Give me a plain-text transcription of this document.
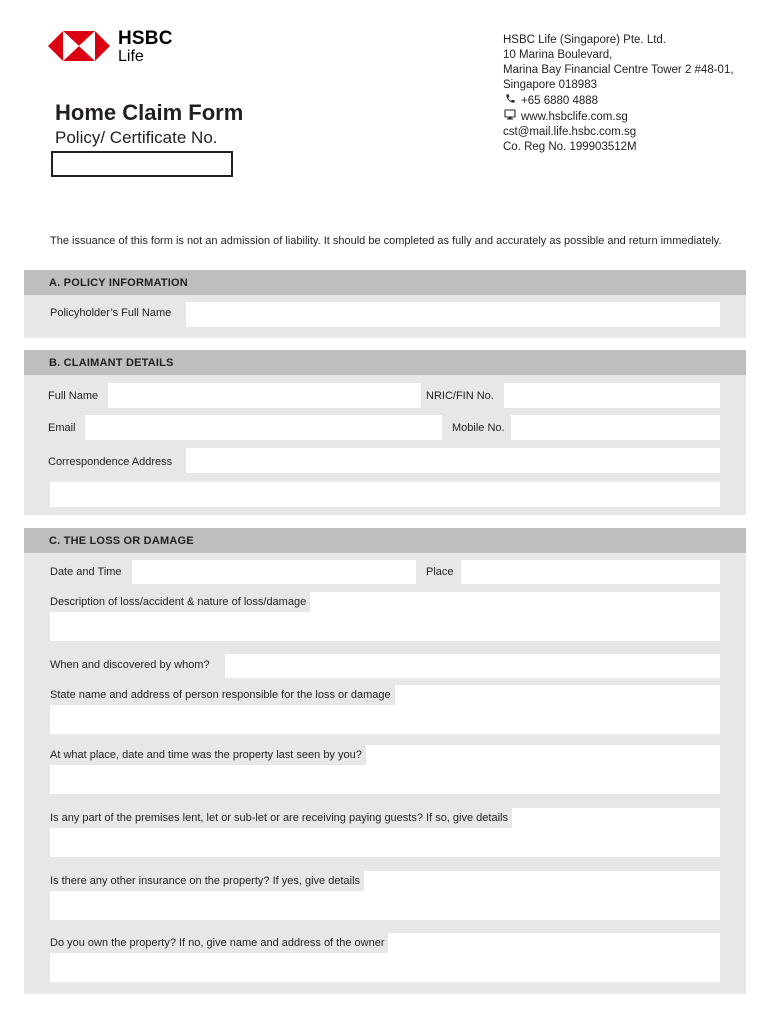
HSBC
Life
Home Claim Form
Policy/ Certificate No.
HSBC Life (Singapore) Pte. Ltd.
10 Marina Boulevard,
Marina Bay Financial Centre Tower 2 #48-01,
Singapore 018983
+65 6880 4888
www.hsbclife.com.sg
cst@mail.life.hsbc.com.sg
Co. Reg No. 199903512M
The issuance of this form is not an admission of liability. It should be completed as fully and accurately as possible and return immediately.
A. POLICY INFORMATION
Policyholder’s Full Name
B. CLAIMANT DETAILS
Full Name	NRIC/FIN No.
Email	Mobile No.
Correspondence Address
C. THE LOSS OR DAMAGE
Date and Time	Place
Description of loss/accident & nature of loss/damage
When and discovered by whom?
State name and address of person responsible for the loss or damage
At what place, date and time was the property last seen by you?
Is any part of the premises lent, let or sub-let or are receiving paying guests? If so, give details
Is there any other insurance on the property? If yes, give details
Do you own the property? If no, give name and address of the owner
